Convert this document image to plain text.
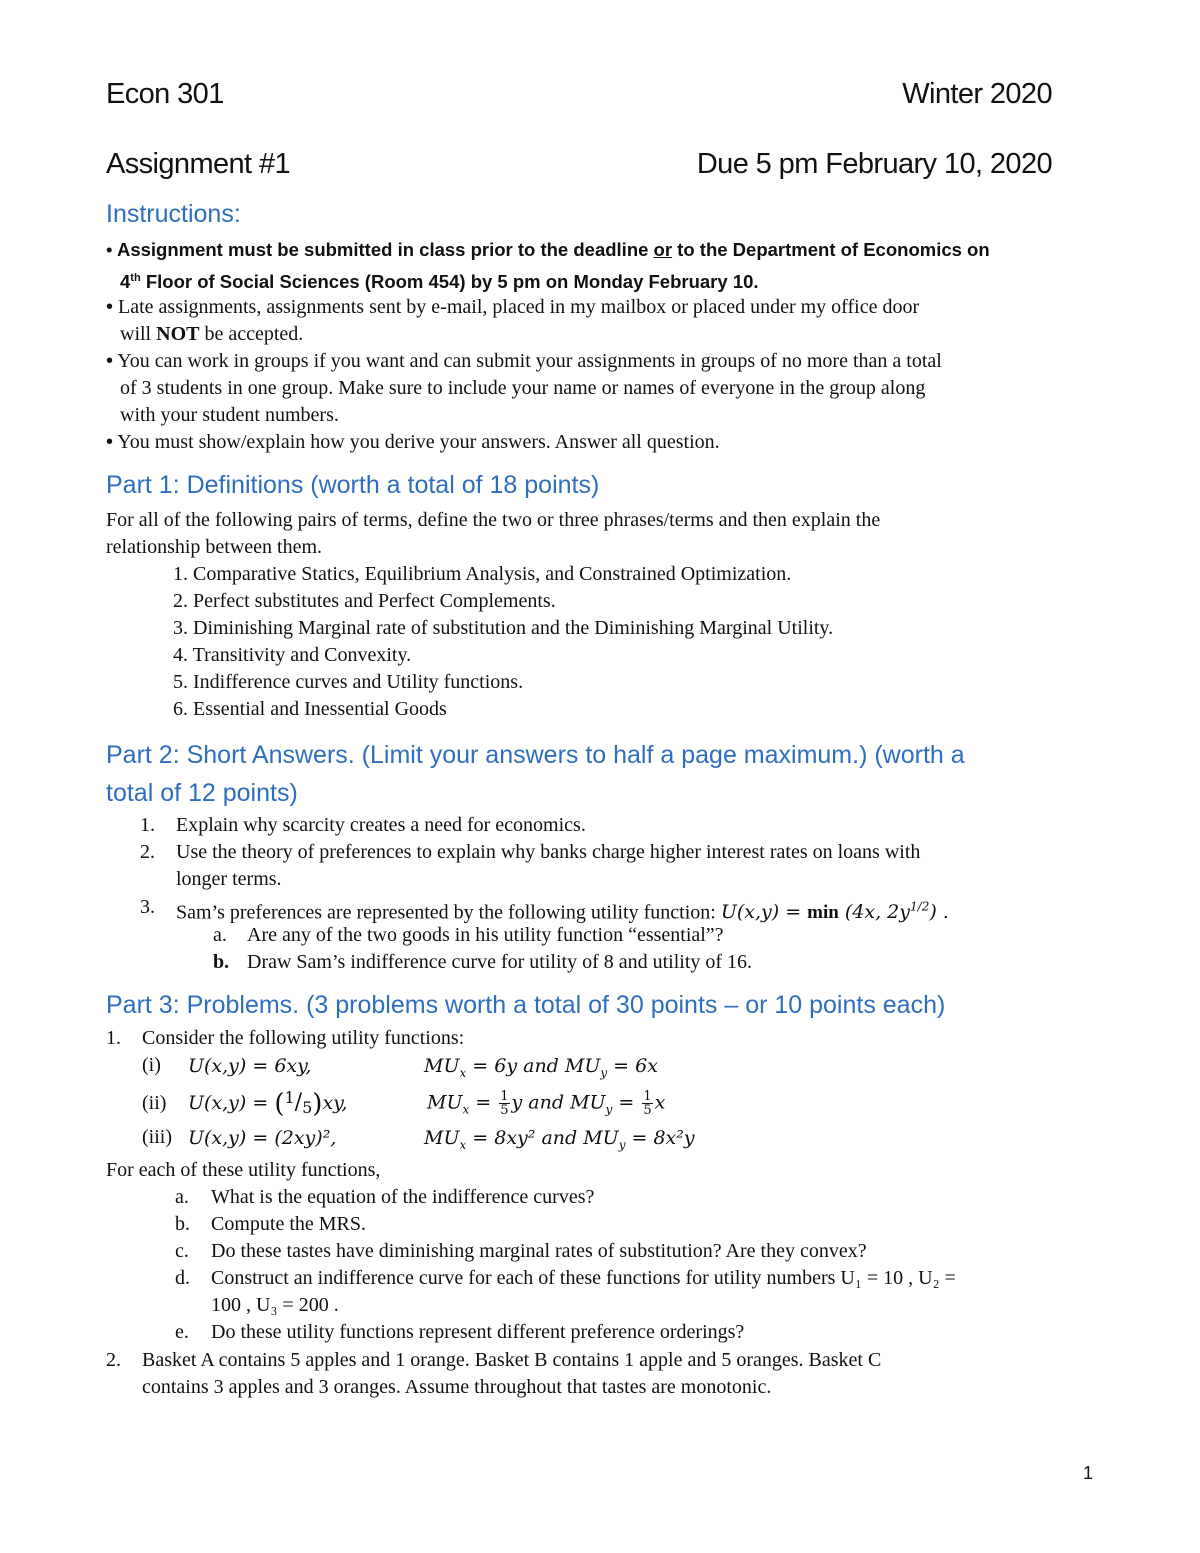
Econ 301	Winter 2020
Assignment #1	Due 5 pm February 10, 2020
Instructions:
• Assignment must be submitted in class prior to the deadline or to the Department of Economics on
4th Floor of Social Sciences (Room 454) by 5 pm on Monday February 10.
• Late assignments, assignments sent by e-mail, placed in my mailbox or placed under my office door
will NOT be accepted.
• You can work in groups if you want and can submit your assignments in groups of no more than a total
of 3 students in one group. Make sure to include your name or names of everyone in the group along
with your student numbers.
• You must show/explain how you derive your answers. Answer all question.
Part 1: Definitions (worth a total of 18 points)
For all of the following pairs of terms, define the two or three phrases/terms and then explain the
relationship between them.
1. Comparative Statics, Equilibrium Analysis, and Constrained Optimization.
2. Perfect substitutes and Perfect Complements.
3. Diminishing Marginal rate of substitution and the Diminishing Marginal Utility.
4. Transitivity and Convexity.
5. Indifference curves and Utility functions.
6. Essential and Inessential Goods
Part 2: Short Answers. (Limit your answers to half a page maximum.) (worth a
total of 12 points)
1.	Explain why scarcity creates a need for economics.
2.	Use the theory of preferences to explain why banks charge higher interest rates on loans with
longer terms.
3.	Sam’s preferences are represented by the following utility function: U(x,y) = min (4x, $2y^{1/2}$) .
a.	Are any of the two goods in his utility function “essential”?
b. Draw Sam’s indifference curve for utility of 8 and utility of 16.
Part 3: Problems. (3 problems worth a total of 30 points – or 10 points each)
1.	Consider the following utility functions:
(i) U(x,y) = 6xy,	$MU_x = 6y$ and $MU_y = 6x$
(ii) $U(x,y) = (^1/_5)xy$,	$MU_x = \frac{1}{5}$ y and $MU_y = \frac{1}{5}$ x
(iii) U(x,y) = (2xy)²,	$MU_x = 8xy^2$ and $MU_y = 8x^2y$
For each of these utility functions,
a. What is the equation of the indifference curves?
b. Compute the MRS.
c. Do these tastes have diminishing marginal rates of substitution? Are they convex?
d. Construct an indifference curve for each of these functions for utility numbers U₁ = 10 , U₂ =
100 , U₃ = 200 .
e. Do these utility functions represent different preference orderings?
2.	Basket A contains 5 apples and 1 orange. Basket B contains 1 apple and 5 oranges. Basket C
contains 3 apples and 3 oranges. Assume throughout that tastes are monotonic.
1
